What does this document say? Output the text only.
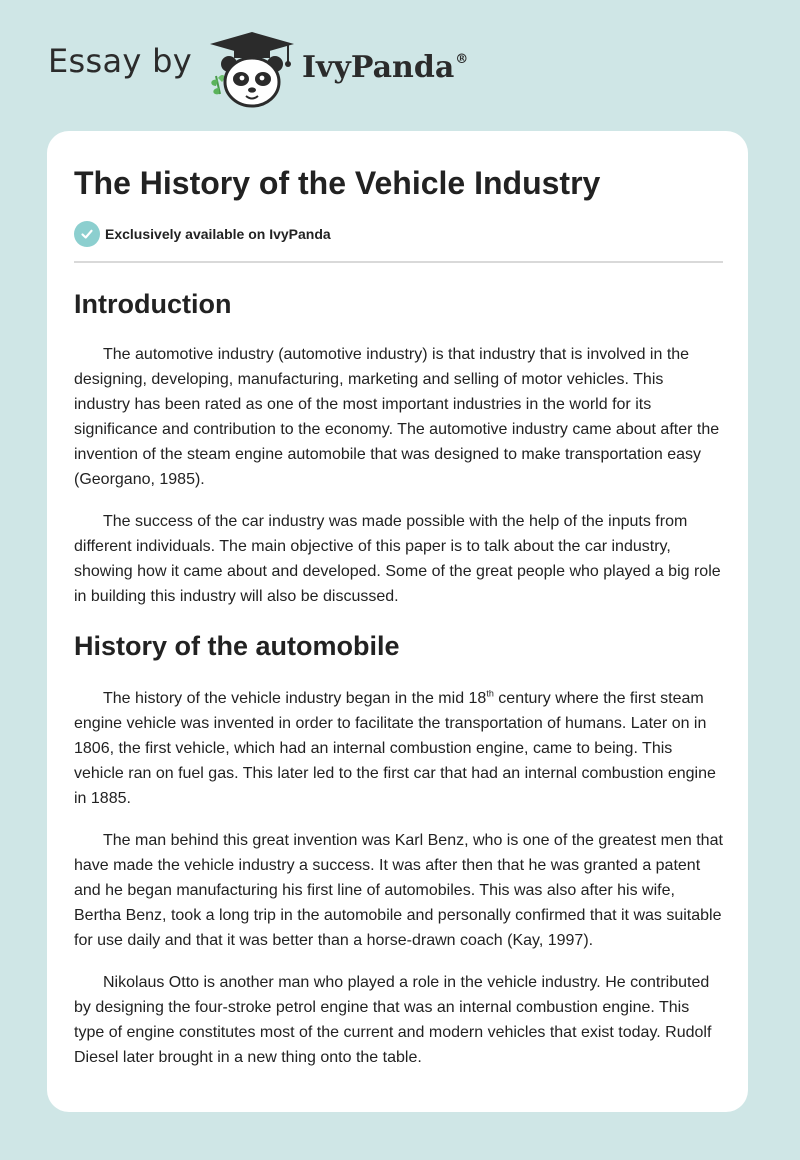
Essay by	IvyPanda®
The History of the Vehicle Industry
Exclusively available on IvyPanda
Introduction

The automotive industry (automotive industry) is that industry that is involved in the designing, developing, manufacturing, marketing and selling of motor vehicles. This industry has been rated as one of the most important industries in the world for its significance and contribution to the economy. The automotive industry came about after the invention of the steam engine automobile that was designed to make transportation easy (Georgano, 1985).

The success of the car industry was made possible with the help of the inputs from different individuals. The main objective of this paper is to talk about the car industry, showing how it came about and developed. Some of the great people who played a big role in building this industry will also be discussed.

History of the automobile

The history of the vehicle industry began in the mid 18th century where the first steam engine vehicle was invented in order to facilitate the transportation of humans. Later on in 1806, the first vehicle, which had an internal combustion engine, came to being. This vehicle ran on fuel gas. This later led to the first car that had an internal combustion engine in 1885.

The man behind this great invention was Karl Benz, who is one of the greatest men that have made the vehicle industry a success. It was after then that he was granted a patent and he began manufacturing his first line of automobiles. This was also after his wife, Bertha Benz, took a long trip in the automobile and personally confirmed that it was suitable for use daily and that it was better than a horse-drawn coach (Kay, 1997).

Nikolaus Otto is another man who played a role in the vehicle industry. He contributed by designing the four-stroke petrol engine that was an internal combustion engine. This type of engine constitutes most of the current and modern vehicles that exist today. Rudolf Diesel later brought in a new thing onto the table.
